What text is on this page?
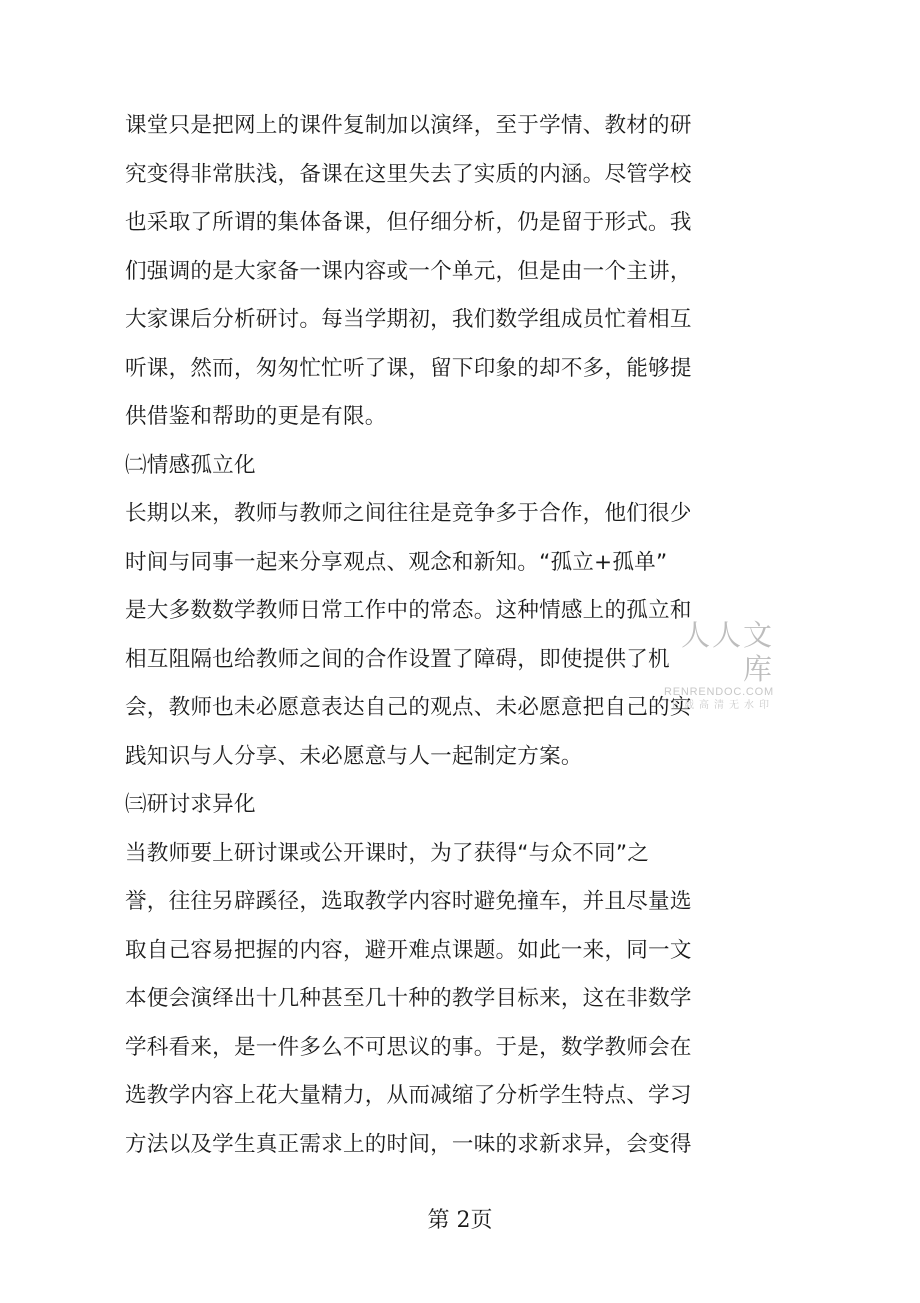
课堂只是把网上的课件复制加以演绎，至于学情、教材的研
究变得非常肤浅，备课在这里失去了实质的内涵。尽管学校
也采取了所谓的集体备课，但仔细分析，仍是留于形式。我
们强调的是大家备一课内容或一个单元，但是由一个主讲，
大家课后分析研讨。每当学期初，我们数学组成员忙着相互
听课，然而，匆匆忙忙听了课，留下印象的却不多，能够提
供借鉴和帮助的更是有限。
㈡情感孤立化
长期以来，教师与教师之间往往是竞争多于合作，他们很少
时间与同事一起来分享观点、观念和新知。“孤立+孤单”
是大多数数学教师日常工作中的常态。这种情感上的孤立和
相互阻隔也给教师之间的合作设置了障碍，即使提供了机
会，教师也未必愿意表达自己的观点、未必愿意把自己的实
践知识与人分享、未必愿意与人一起制定方案。
㈢研讨求异化
当教师要上研讨课或公开课时，为了获得“与众不同”之
誉，往往另辟蹊径，选取教学内容时避免撞车，并且尽量选
取自己容易把握的内容，避开难点课题。如此一来，同一文
本便会演绎出十几种甚至几十种的教学目标来，这在非数学
学科看来，是一件多么不可思议的事。于是，数学教师会在
选教学内容上花大量精力，从而减缩了分析学生特点、学习
方法以及学生真正需求上的时间，一味的求新求异，会变得
人人文库
RENRENDOC.COM
下载高清无水印
第 2页
